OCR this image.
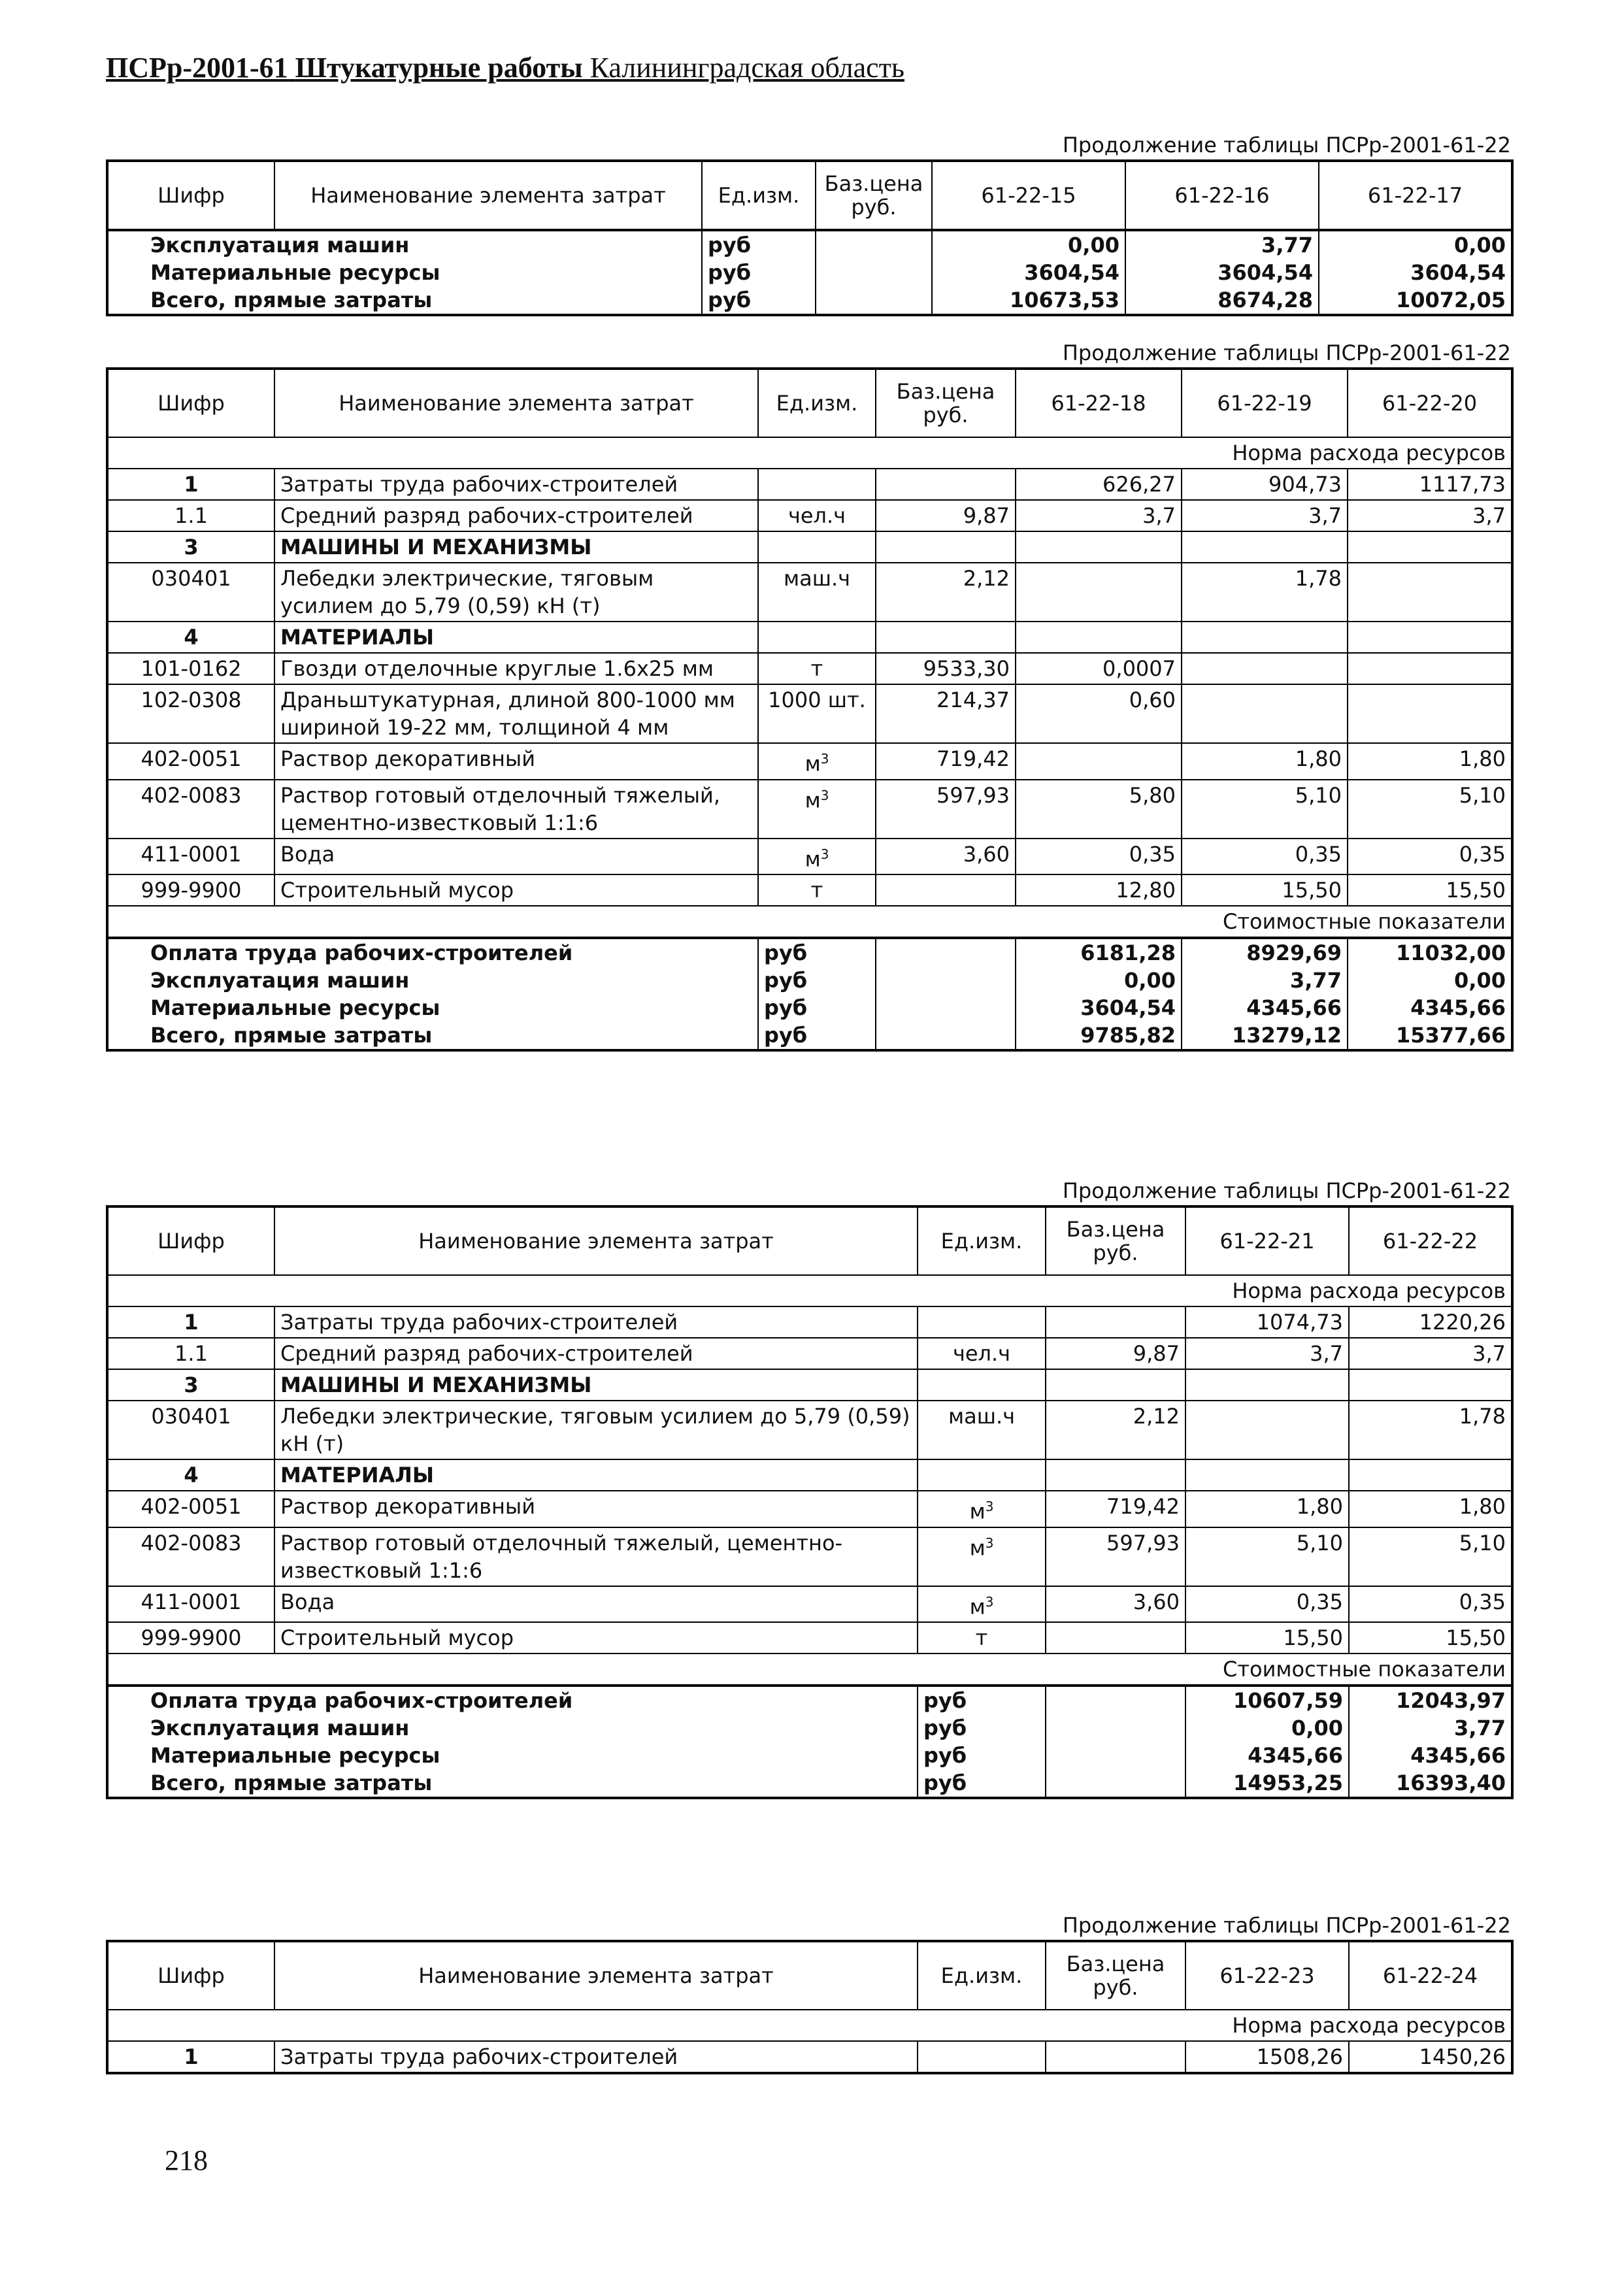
ПСРр-2001-61 Штукатурные работы Калининградская область
Продолжение таблицы ПСРр-2001-61-22
Шифр	Наименование элемента затрат	Ед.изм.	Баз.цена руб.	61-22-15	61-22-16	61-22-17
Эксплуатация машин		руб		0,00	3,77	0,00
Материальные ресурсы		руб		3604,54	3604,54	3604,54
Всего, прямые затраты		руб		10673,53	8674,28	10072,05
Продолжение таблицы ПСРр-2001-61-22
Шифр	Наименование элемента затрат	Ед.изм.	Баз.цена руб.	61-22-18	61-22-19	61-22-20
				Норма расхода ресурсов		
1	Затраты труда рабочих-строителей			626,27	904,73	1117,73
1.1	Средний разряд рабочих-строителей	чел.ч	9,87	3,7	3,7	3,7
3	МАШИНЫ И МЕХАНИЗМЫ					
030401	Лебедки электрические, тяговым усилием до 5,79 (0,59) кН (т)	маш.ч	2,12		1,78	
4	МАТЕРИАЛЫ					
101-0162	Гвозди отделочные круглые 1.6x25 мм	т	9533,30	0,0007		
102-0308	Драньштукатурная, длиной 800-1000 мм шириной 19-22 мм, толщиной 4 мм	1000 шт.	214,37	0,60		
402-0051	Раствор декоративный	$м^3$	719,42		1,80	1,80
402-0083	Раствор готовый отделочный тяжелый, цементно-известковый 1:1:6	$м^3$	597,93	5,80	5,10	5,10
411-0001	Вода	$м^3$	3,60	0,35	0,35	0,35
999-9900	Строительный мусор	т		12,80	15,50	15,50
				Стоимостные показатели		
Оплата труда рабочих-строителей		руб		6181,28	8929,69	11032,00
Эксплуатация машин		руб		0,00	3,77	0,00
Материальные ресурсы		руб		3604,54	4345,66	4345,66
Всего, прямые затраты		руб		9785,82	13279,12	15377,66
Продолжение таблицы ПСРр-2001-61-22
Шифр	Наименование элемента затрат	Ед.изм.	Баз.цена руб.	61-22-21	61-22-22
				Норма расхода ресурсов	
1	Затраты труда рабочих-строителей			1074,73	1220,26
1.1	Средний разряд рабочих-строителей	чел.ч	9,87	3,7	3,7
3	МАШИНЫ И МЕХАНИЗМЫ				
030401	Лебедки электрические, тяговым усилием до 5,79 (0,59) кН (т)	маш.ч	2,12		1,78
4	МАТЕРИАЛЫ				
402-0051	Раствор декоративный	$м^3$	719,42	1,80	1,80
402-0083	Раствор готовый отделочный тяжелый, цементно-известковый 1:1:6	$м^3$	597,93	5,10	5,10
411-0001	Вода	$м^3$	3,60	0,35	0,35
999-9900	Строительный мусор	т		15,50	15,50
				Стоимостные показатели	
Оплата труда рабочих-строителей		руб		10607,59	12043,97
Эксплуатация машин		руб		0,00	3,77
Материальные ресурсы		руб		4345,66	4345,66
Всего, прямые затраты		руб		14953,25	16393,40
Продолжение таблицы ПСРр-2001-61-22
Шифр	Наименование элемента затрат	Ед.изм.	Баз.цена руб.	61-22-23	61-22-24
				Норма расхода ресурсов	
1	Затраты труда рабочих-строителей			1508,26	1450,26
218
